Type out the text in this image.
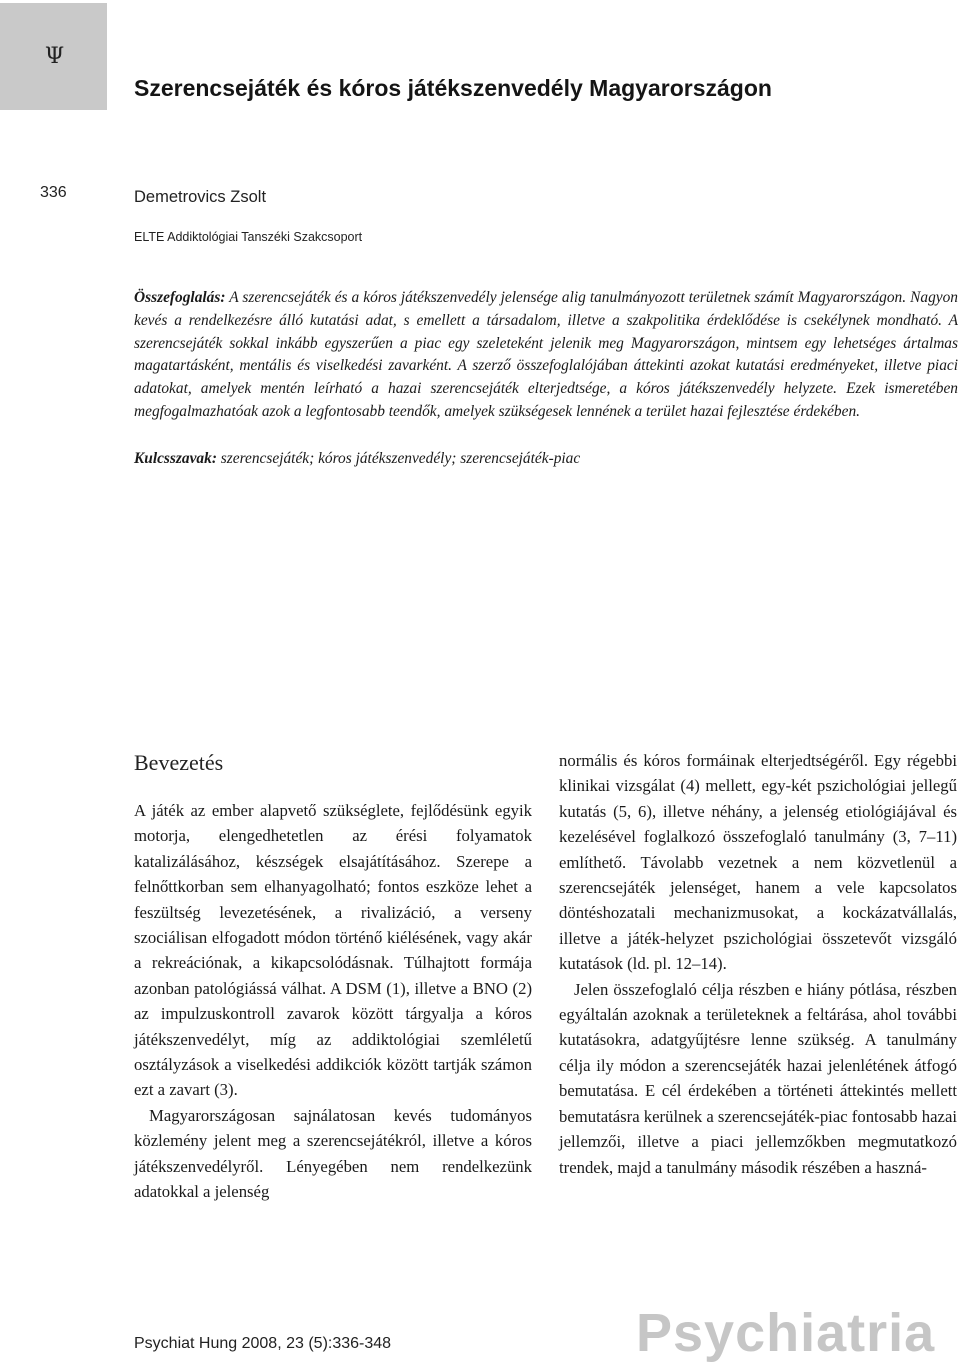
Ψ
Szerencsejáték és kóros játékszenvedély Magyarországon
336	Demetrovics Zsolt
ELTE Addiktológiai Tanszéki Szakcsoport

Összefoglalás: A szerencsejáték és a kóros játékszenvedély jelensége alig tanulmányozott területnek számít Magyarországon. Nagyon kevés a rendelkezésre álló kutatási adat, s emellett a társadalom, illetve a szakpolitika érdeklődése is csekélynek mondható. A szerencsejáték sokkal inkább egyszerűen a piac egy szeleteként jelenik meg Magyarországon, mintsem egy lehetséges ártalmas magatartásként, mentális és viselkedési zavarként. A szerző összefoglalójában áttekinti azokat kutatási eredményeket, illetve piaci adatokat, amelyek mentén leírható a hazai szerencsejáték elterjedtsége, a kóros játékszenvedély helyzete. Ezek ismeretében megfogalmazhatóak azok a legfontosabb teendők, amelyek szükségesek lennének a terület hazai fejlesztése érdekében.

Kulcsszavak: szerencsejáték; kóros játékszenvedély; szerencsejáték-piac

Bevezetés

A játék az ember alapvető szükséglete, fejlődésünk egyik motorja, elengedhetetlen az érési folyamatok katalizálásához, készségek elsajátításához. Szerepe a felnőttkorban sem elhanyagolható; fontos eszköze lehet a feszültség levezetésének, a rivalizáció, a verseny szociálisan elfogadott módon történő kiélésének, vagy akár a rekreációnak, a kikapcsolódásnak. Túlhajtott formája azonban patológiássá válhat. A DSM (1), illetve a BNO (2) az impulzuskontroll zavarok között tárgyalja a kóros játékszenvedélyt, míg az addiktológiai szemléletű osztályzások a viselkedési addikciók között tartják számon ezt a zavart (3).

Magyarországosan sajnálatosan kevés tudományos közlemény jelent meg a szerencsejátékról, illetve a kóros játékszenvedélyről. Lényegében nem rendelkezünk adatokkal a jelenség

normális és kóros formáinak elterjedtségéről. Egy régebbi klinikai vizsgálat (4) mellett, egy-két pszichológiai jellegű kutatás (5, 6), illetve néhány, a jelenség etiológiájával és kezelésével foglalkozó összefoglaló tanulmány (3, 7–11) említhető. Távolabb vezetnek a nem közvetlenül a szerencsejáték jelenséget, hanem a vele kapcsolatos döntéshozatali mechanizmusokat, a kockázatvállalás, illetve a játék-helyzet pszichológiai összetevőt vizsgáló kutatások (ld. pl. 12–14).

Jelen összefoglaló célja részben e hiány pótlása, részben egyáltalán azoknak a területeknek a feltárása, ahol további kutatásokra, adatgyűjtésre lenne szükség. A tanulmány célja ily módon a szerencsejáték hazai jelenlétének átfogó bemutatása. E cél érdekében a történeti áttekintés mellett bemutatásra kerülnek a szerencsejáték-piac fontosabb hazai jellemzői, illetve a piaci jellemzőkben megmutatkozó trendek, majd a tanulmány második részében a haszná-

Psychiat Hung 2008, 23 (5):336-348	Psychiatria
